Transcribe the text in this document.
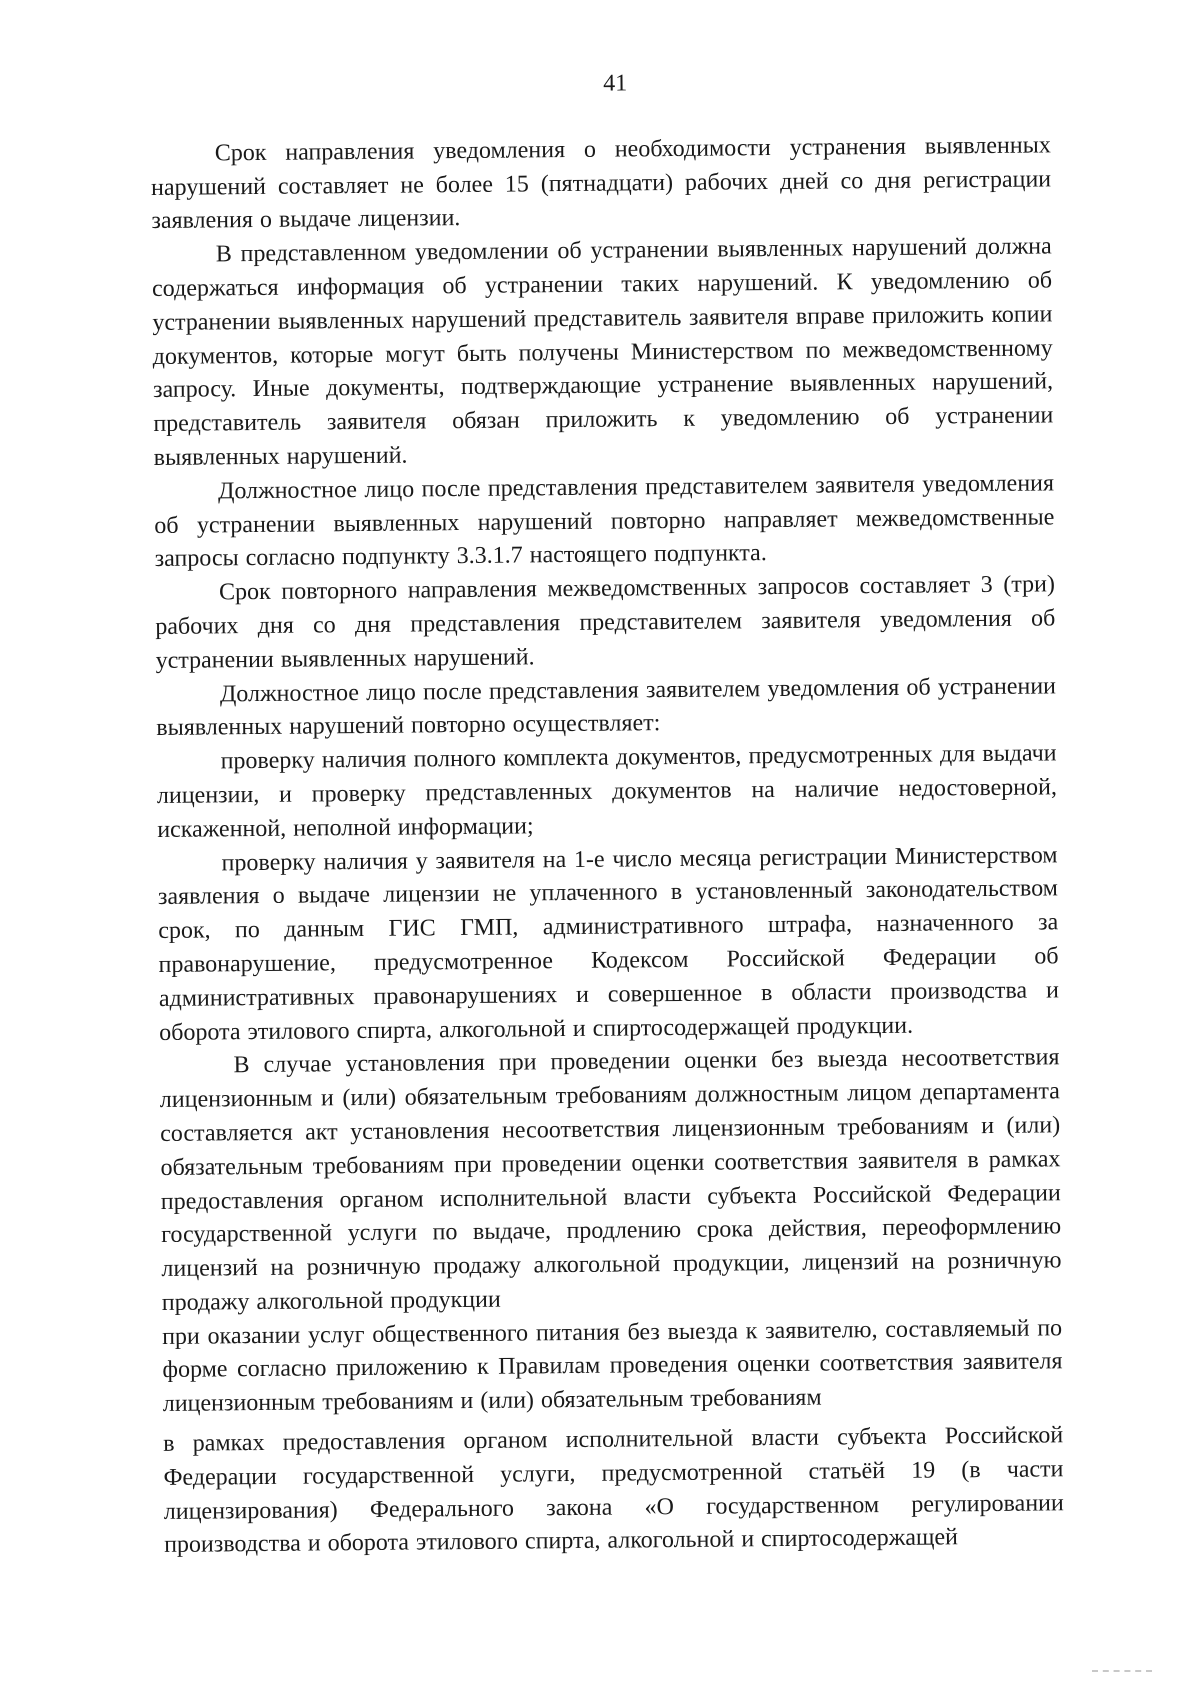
41

Срок направления уведомления о необходимости устранения выявленных нарушений составляет не более 15 (пятнадцати) рабочих дней со дня регистрации заявления о выдаче лицензии.

В представленном уведомлении об устранении выявленных нарушений должна содержаться информация об устранении таких нарушений. К уведомлению об устранении выявленных нарушений представитель заявителя вправе приложить копии документов, которые могут быть получены Министерством по межведомственному запросу. Иные документы, подтверждающие устранение выявленных нарушений, представитель заявителя обязан приложить к уведомлению об устранении выявленных нарушений.

Должностное лицо после представления представителем заявителя уведомления об устранении выявленных нарушений повторно направляет межведомственные запросы согласно подпункту 3.3.1.7 настоящего подпункта.

Срок повторного направления межведомственных запросов составляет 3 (три) рабочих дня со дня представления представителем заявителя уведомления об устранении выявленных нарушений.

Должностное лицо после представления заявителем уведомления об устранении выявленных нарушений повторно осуществляет:

проверку наличия полного комплекта документов, предусмотренных для выдачи лицензии, и проверку представленных документов на наличие недостоверной, искаженной, неполной информации;

проверку наличия у заявителя на 1-е число месяца регистрации Министерством заявления о выдаче лицензии не уплаченного в установленный законодательством срок, по данным ГИС ГМП, административного штрафа, назначенного за правонарушение, предусмотренное Кодексом Российской Федерации об административных правонарушениях и совершенное в области производства и оборота этилового спирта, алкогольной и спиртосодержащей продукции.

В случае установления при проведении оценки без выезда несоответствия лицензионным и (или) обязательным требованиям должностным лицом департамента составляется акт установления несоответствия лицензионным требованиям и (или) обязательным требованиям при проведении оценки соответствия заявителя в рамках предоставления органом исполнительной власти субъекта Российской Федерации государственной услуги по выдаче, продлению срока действия, переоформлению лицензий на розничную продажу алкогольной продукции, лицензий на розничную продажу алкогольной продукции

при оказании услуг общественного питания без выезда к заявителю, составляемый по форме согласно приложению к Правилам проведения оценки соответствия заявителя лицензионным требованиям и (или) обязательным требованиям

в рамках предоставления органом исполнительной власти субъекта Российской Федерации государственной услуги, предусмотренной статьёй 19 (в части лицензирования) Федерального закона «О государственном регулировании производства и оборота этилового спирта, алкогольной и спиртосодержащей
